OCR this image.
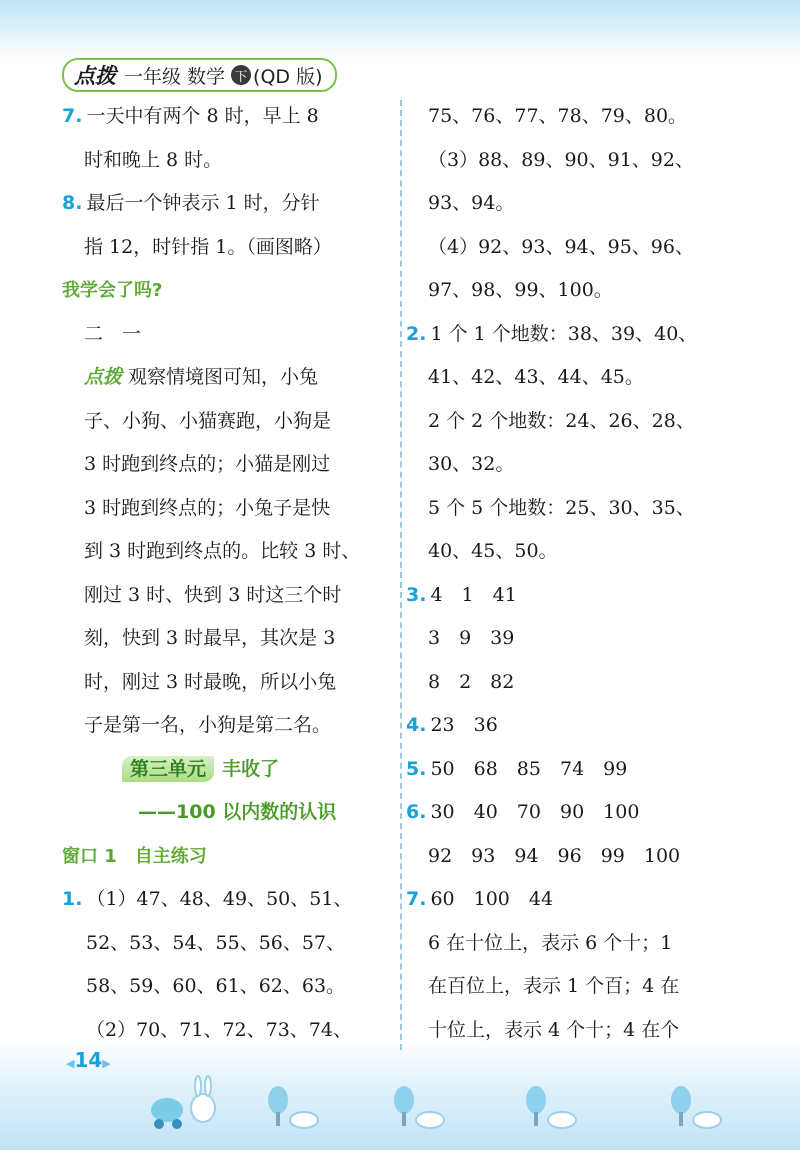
点拨 一年级 数学 下 (QD 版)
7. 一天中有两个 8 时，早上 8
时和晚上 8 时。
8. 最后一个钟表示 1 时，分针
指 12，时针指 1。（画图略）
我学会了吗?
二　一
点拨 观察情境图可知，小兔
子、小狗、小猫赛跑，小狗是
3 时跑到终点的；小猫是刚过
3 时跑到终点的；小兔子是快
到 3 时跑到终点的。比较 3 时、
刚过 3 时、快到 3 时这三个时
刻，快到 3 时最早，其次是 3
时，刚过 3 时最晚，所以小兔
子是第一名，小狗是第二名。
第三单元 丰收了
——100 以内数的认识
窗口 1　自主练习
1. （1）47、48、49、50、51、
52、53、54、55、56、57、
58、59、60、61、62、63。
（2）70、71、72、73、74、
75、76、77、78、79、80。
（3）88、89、90、91、92、
93、94。
（4）92、93、94、95、96、
97、98、99、100。
2. 1 个 1 个地数：38、39、40、
41、42、43、44、45。
2 个 2 个地数：24、26、28、
30、32。
5 个 5 个地数：25、30、35、
40、45、50。
3. 4　1　41
3　9　39
8　2　82
4. 23　36
5. 50　68　85　74　99
6. 30　40　70　90　100
92　93　94　96　99　100
7. 60　100　44
6 在十位上，表示 6 个十；1
在百位上，表示 1 个百；4 在
十位上，表示 4 个十；4 在个
◀14▶
